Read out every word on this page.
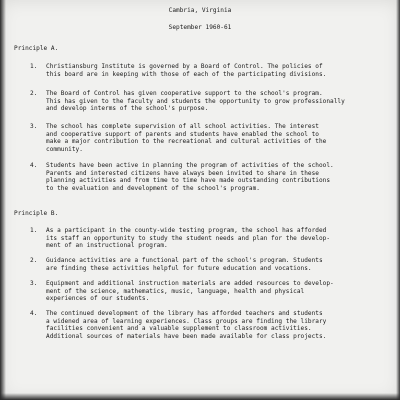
Cambria, Virginia
September 1960-61
Principle A.
1. Christiansburg Institute is governed by a Board of Control. The policies of
this board are in keeping with those of each of the participating divisions.
2. The Board of Control has given cooperative support to the school's program.
This has given to the faculty and students the opportunity to grow professionally
and develop interms of the school's purpose.
3. The school has complete supervision of all school activities. The interest
and cooperative support of parents and students have enabled the school to
make a major contribution to the recreational and cultural activities of the
community.
4. Students have been active in planning the program of activities of the school.
Parents and interested citizens have always been invited to share in these
planning activities and from time to time have made outstanding contributions
to the evaluation and development of the school's program.
Principle B.
1. As a participant in the county-wide testing program, the school has afforded
its staff an opportunity to study the student needs and plan for the develop-
ment of an instructional program.
2. Guidance activities are a functional part of the school's program. Students
are finding these activities helpful for future education and vocations.
3. Equipment and additional instruction materials are added resources to develop-
ment of the science, mathematics, music, language, health and physical
experiences of our students.
4. The continued development of the library has afforded teachers and students
a widened area of learning experiences. Class groups are finding the library
facilities convenient and a valuable supplement to classroom activities.
Additional sources of materials have been made available for class projects.
